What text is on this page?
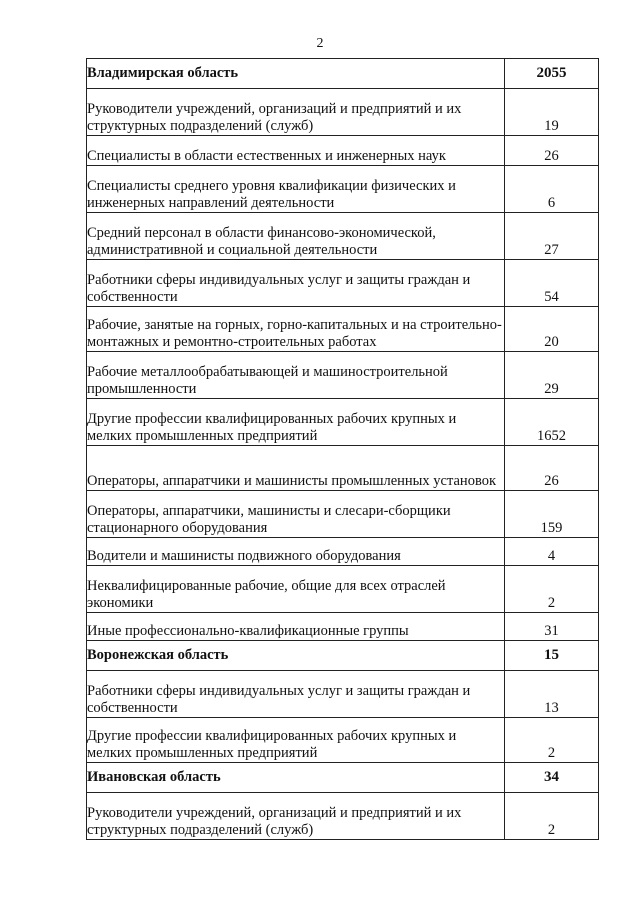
2
Владимирская область	2055
Руководители учреждений, организаций и предприятий и их структурных подразделений (служб)	19
Специалисты в области естественных и инженерных наук	26
Специалисты среднего уровня квалификации физических и инженерных направлений деятельности	6
Средний персонал в области финансово-экономической, административной и социальной деятельности	27
Работники сферы индивидуальных услуг и защиты граждан и собственности	54
Рабочие, занятые на горных, горно-капитальных и на строительно-монтажных и ремонтно-строительных работах	20
Рабочие металлообрабатывающей и машиностроительной промышленности	29
Другие профессии квалифицированных рабочих крупных и мелких промышленных предприятий	1652
Операторы, аппаратчики и машинисты промышленных установок	26
Операторы, аппаратчики, машинисты и слесари-сборщики стационарного оборудования	159
Водители и машинисты подвижного оборудования	4
Неквалифицированные рабочие, общие для всех отраслей экономики	2
Иные профессионально-квалификационные группы	31
Воронежская область	15
Работники сферы индивидуальных услуг и защиты граждан и собственности	13
Другие профессии квалифицированных рабочих крупных и мелких промышленных предприятий	2
Ивановская область	34
Руководители учреждений, организаций и предприятий и их структурных подразделений (служб)	2
